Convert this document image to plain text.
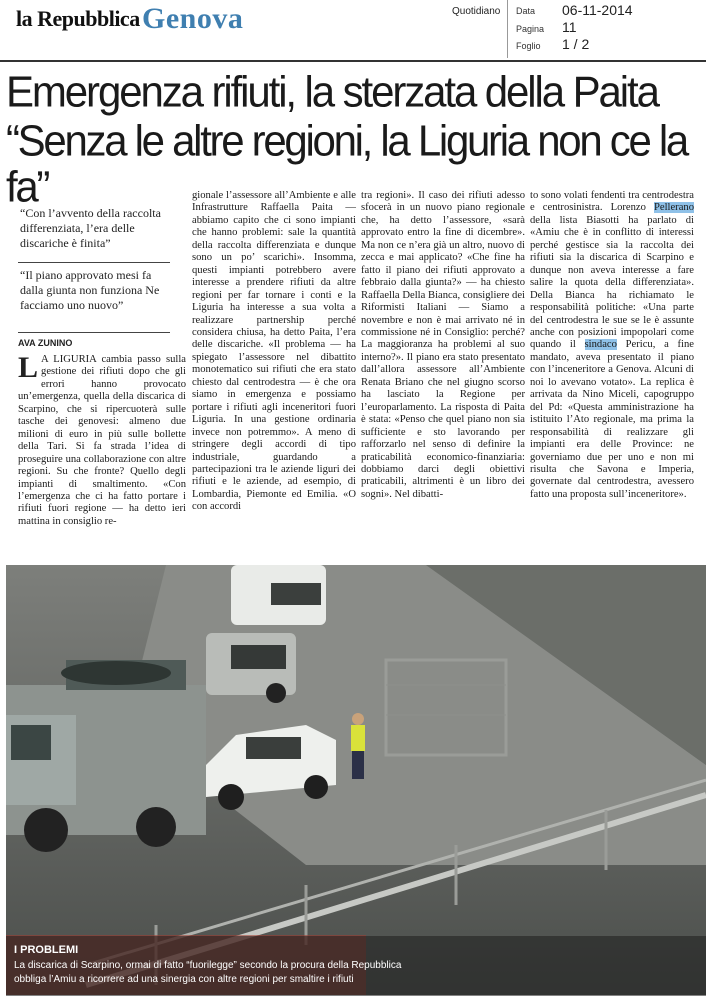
la Repubblica Genova	Quotidiano Data 06-11-2014
Pagina 11
Foglio 1 / 2
Emergenza rifiuti, la sterzata della Paita
“Senza le altre regioni, la Liguria non ce la fa”
“Con l’avvento della raccolta differenziata, l’era delle discariche è finita”
“Il piano approvato mesi fa dalla giunta non funziona Ne facciamo uno nuovo”
AVA ZUNINO
L A LIGURIA cambia passo sulla gestione dei rifiuti dopo che gli errori hanno provocato un’emergenza, quella della discarica di Scarpino, che si ripercuoterà sulle tasche dei genovesi: almeno due milioni di euro in più sulle bollette della Tari. Si fa strada l’idea di proseguire una collaborazione con altre regioni. Su che fronte? Quello degli impianti di smaltimento. «Con l’emergenza che ci ha fatto portare i rifiuti fuori regione — ha detto ieri mattina in consiglio re-
gionale l’assessore all’Ambiente e alle Infrastrutture Raffaella Paita — abbiamo capito che ci sono impianti che hanno problemi: sale la quantità della raccolta differenziata e dunque sono un po’ scarichi». Insomma, questi impianti potrebbero avere interesse a prendere rifiuti da altre regioni per far tornare i conti e la Liguria ha interesse a sua volta a realizzare partnership perché considera chiusa, ha detto Paita, l’era delle discariche. «Il problema — ha spiegato l’assessore nel dibattito monotematico sui rifiuti che era stato chiesto dal centrodestra — è che ora siamo in emergenza e possiamo portare i rifiuti agli inceneritori fuori Liguria. In una gestione ordinaria invece non potremmo». A meno di stringere degli accordi di tipo industriale, guardando a partecipazioni tra le aziende liguri dei rifiuti e le aziende, ad esempio, di Lombardia, Piemonte ed Emilia. «O con accordi
tra regioni». Il caso dei rifiuti adesso sfocerà in un nuovo piano regionale che, ha detto l’assessore, «sarà approvato entro la fine di dicembre». Ma non ce n’era già un altro, nuovo di zecca e mai applicato? «Che fine ha fatto il piano dei rifiuti approvato a febbraio dalla giunta?» — ha chiesto Raffaella Della Bianca, consigliere dei Riformisti Italiani — Siamo a novembre e non è mai arrivato né in commissione né in Consiglio: perché? La maggioranza ha problemi al suo interno?». Il piano era stato presentato dall’allora assessore all’Ambiente Renata Briano che nel giugno scorso ha lasciato la Regione per l’europarlamento. La risposta di Paita è stata: «Penso che quel piano non sia sufficiente e sto lavorando per rafforzarlo nel senso di definire la praticabilità economico-finanziaria: dobbiamo darci degli obiettivi praticabili, altrimenti è un libro dei sogni». Nel dibatti-
to sono volati fendenti tra centrodestra e centrosinistra. Lorenzo Pellerano della lista Biasotti ha parlato di «Amiu che è in conflitto di interessi perché gestisce sia la raccolta dei rifiuti sia la discarica di Scarpino e dunque non aveva interesse a fare salire la quota della differenziata». Della Bianca ha richiamato le responsabilità politiche: «Una parte del centrodestra le sue se le è assunte anche con posizioni impopolari come quando il sindaco Pericu, a fine mandato, aveva presentato il piano con l’inceneritore a Genova. Alcuni di noi lo avevano votato». La replica è arrivata da Nino Miceli, capogruppo del Pd: «Questa amministrazione ha istituito l’Ato regionale, ma prima la responsabilità di realizzare gli impianti era delle Province: ne governiamo due per uno e non mi risulta che Savona e Imperia, governate dal centrodestra, avessero fatto una proposta sull’inceneritore».
I PROBLEMI
La discarica di Scarpino, ormai di fatto “fuorilegge” secondo la procura della Repubblica
obbliga l’Amiu a ricorrere ad una sinergia con altre regioni per smaltire i rifiuti
